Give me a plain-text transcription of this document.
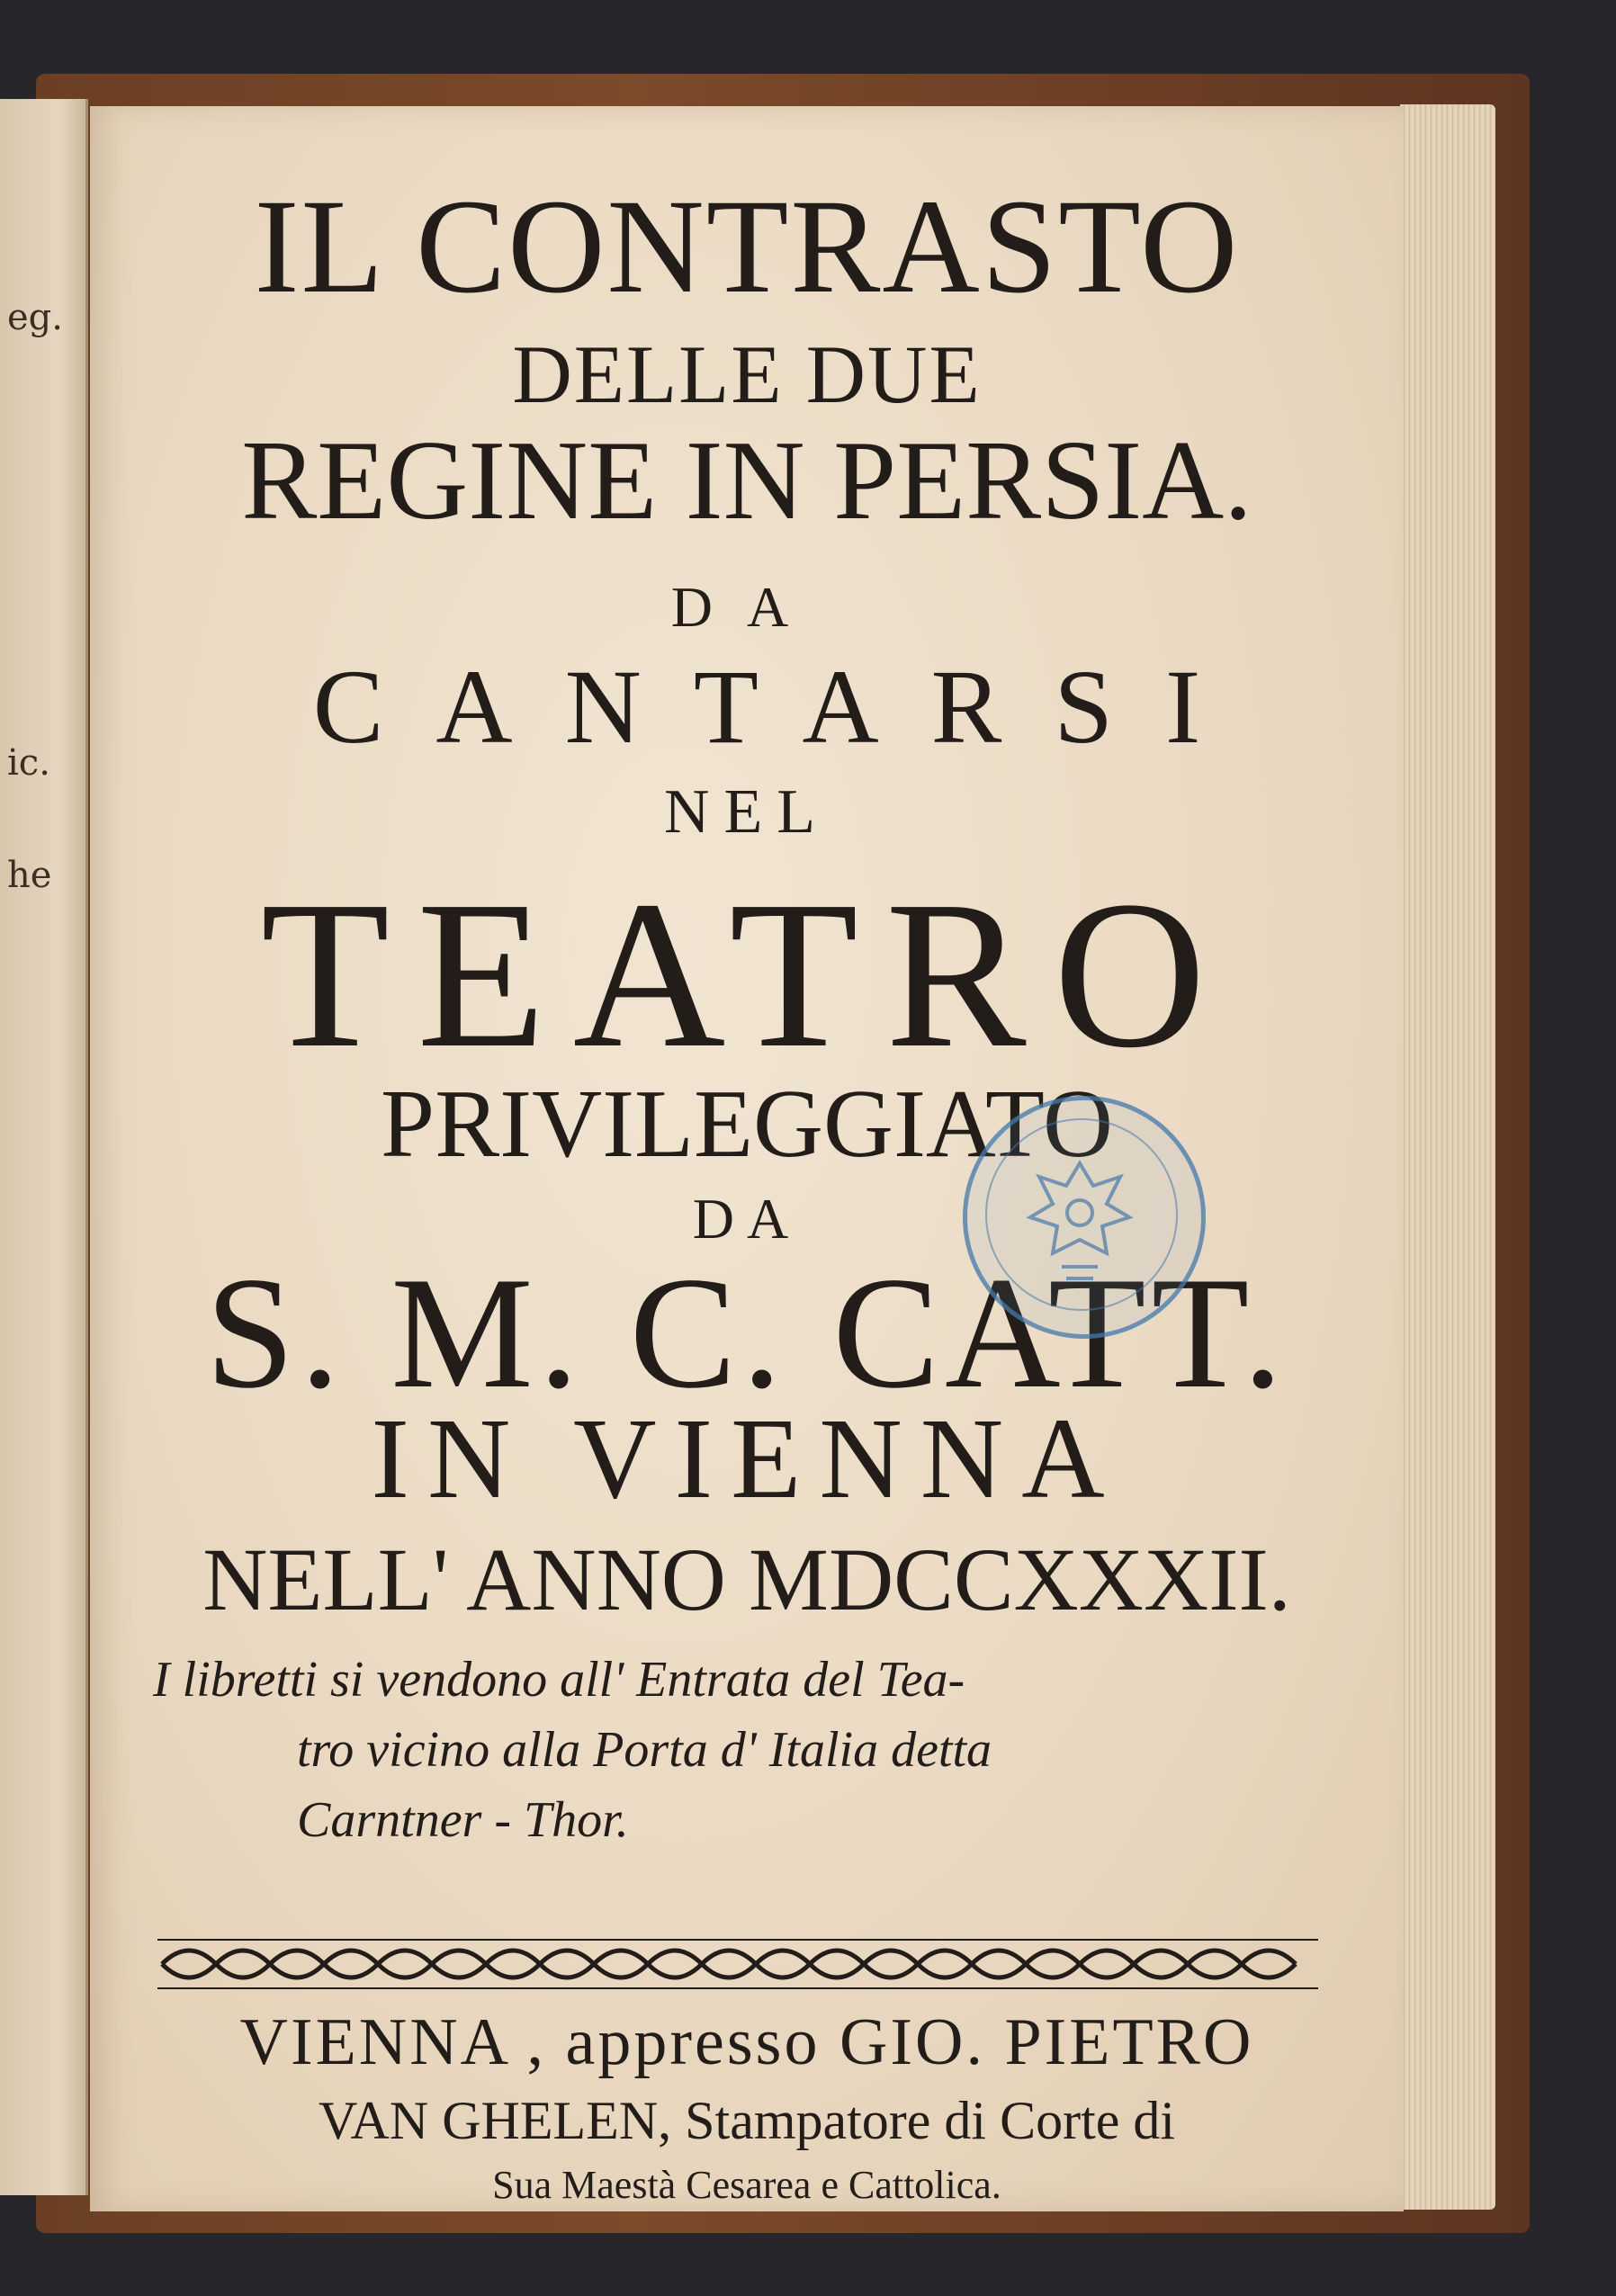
eg.
ic.
he
IL CONTRASTO
DELLE DUE
REGINE IN PERSIA.
DA
CANTARSI
NEL
TEATRO
PRIVILEGGIATO
DA
S. M. C. CATT.
IN VIENNA
NELL' ANNO MDCCXXXII.
I libretti si vendono all' Entrata del Tea-
tro vicino alla Porta d' Italia detta
Carntner - Thor.
VIENNA , appresso GIO. PIETRO
VAN GHELEN, Stampatore di Corte di
Sua Maestà Cesarea e Cattolica.
